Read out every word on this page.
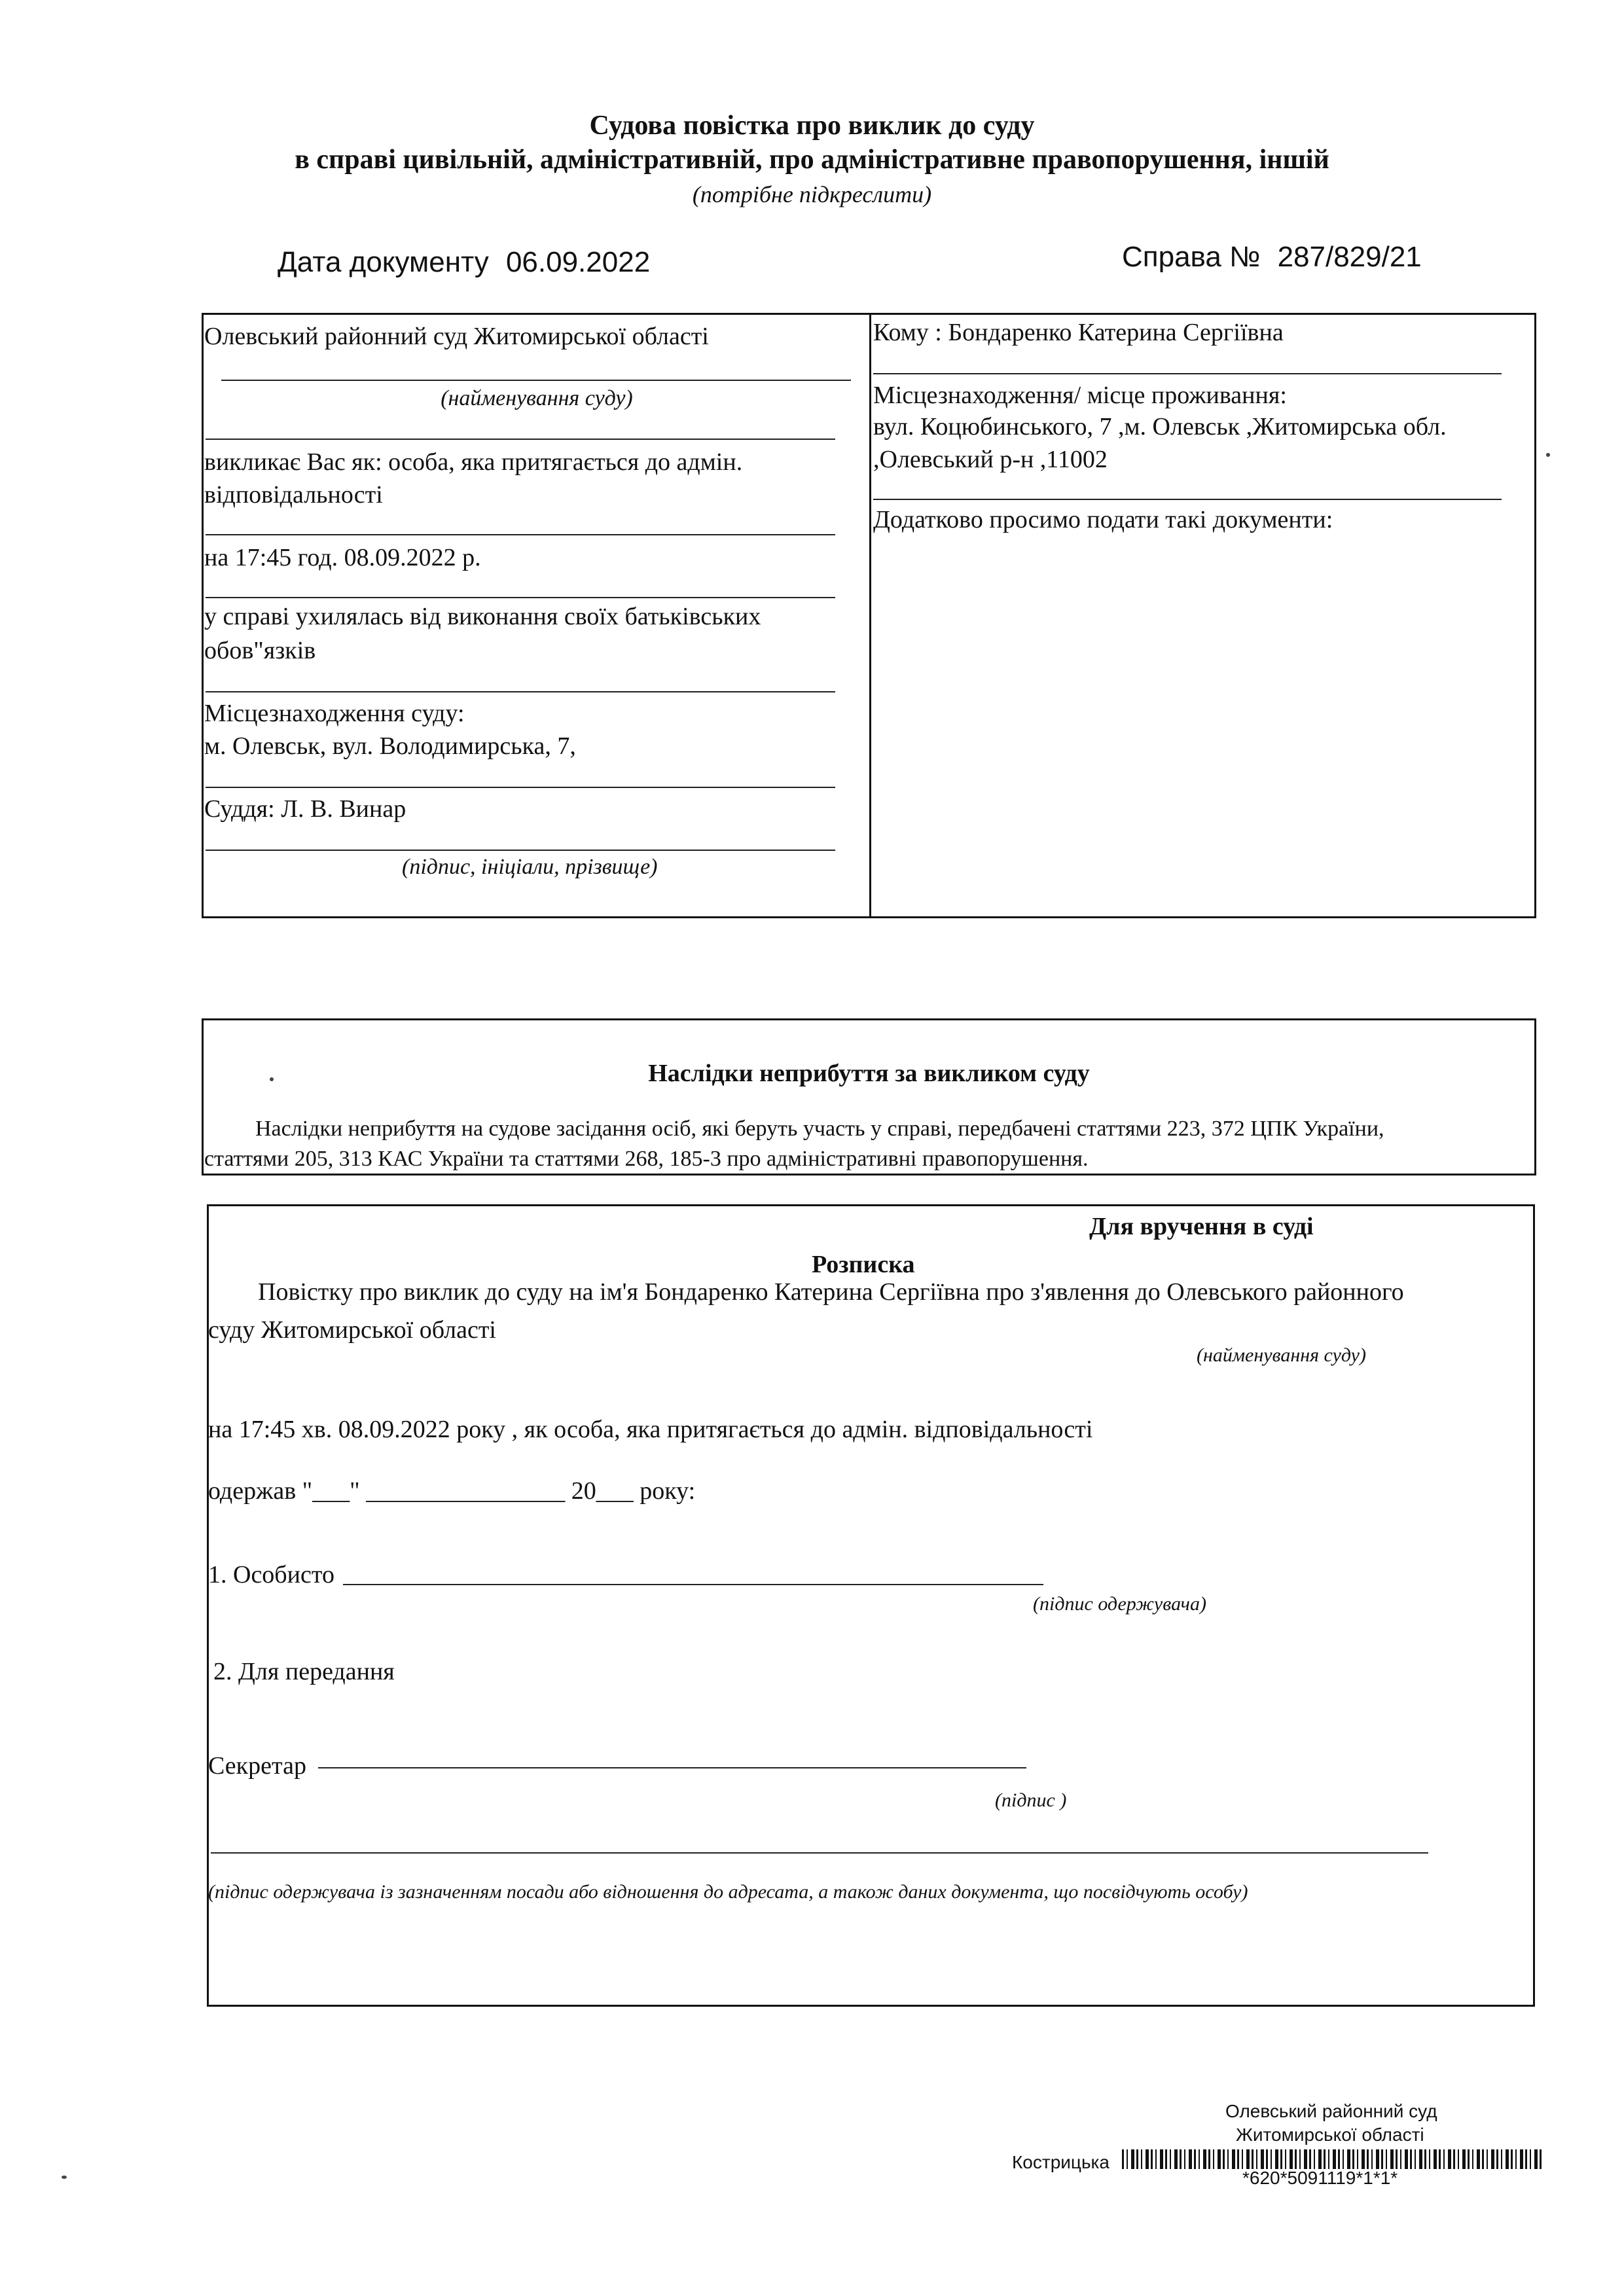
Судова повістка про виклик до суду
в справі цивільній, адміністративній, про адміністративне правопорушення, іншій
(потрібне підкреслити)
Дата документу 06.09.2022	Справа № 287/829/21
Олевський районний суд Житомирської області
(найменування суду)
викликає Вас як: особа, яка притягається до адмін.
відповідальності
на 17:45 год. 08.09.2022 р.
у справі ухилялась від виконання своїх батьківських
обов"язків
Місцезнаходження суду:
м. Олевськ, вул. Володимирська, 7,
Суддя: Л. В. Винар
(підпис, ініціали, прізвище)
Кому : Бондаренко Катерина Сергіївна
Місцезнаходження/ місце проживання:
вул. Коцюбинського, 7 ,м. Олевськ ,Житомирська обл.
,Олевський р-н ,11002
Додатково просимо подати такі документи:
Наслідки неприбуття за викликом суду
Наслідки неприбуття на судове засідання осіб, які беруть участь у справі, передбачені статтями 223, 372 ЦПК України,
статтями 205, 313 КАС України та статтями 268, 185-3 про адміністративні правопорушення.
Для вручення в суді
Розписка
Повістку про виклик до суду на ім'я Бондаренко Катерина Сергіївна про з'явлення до Олевського районного
суду Житомирської області
(найменування суду)
на 17:45 хв. 08.09.2022 року , як особа, яка притягається до адмін. відповідальності
одержав "___" ________________ 20___ року:
1. Особисто
(підпис одержувача)
2. Для передання
Секретар
(підпис )
(підпис одержувача із зазначенням посади або відношення до адресата, а також даних документа, що посвідчують особу)
Олевський районний суд
Житомирської області
Кострицька
*620*5091119*1*1*
